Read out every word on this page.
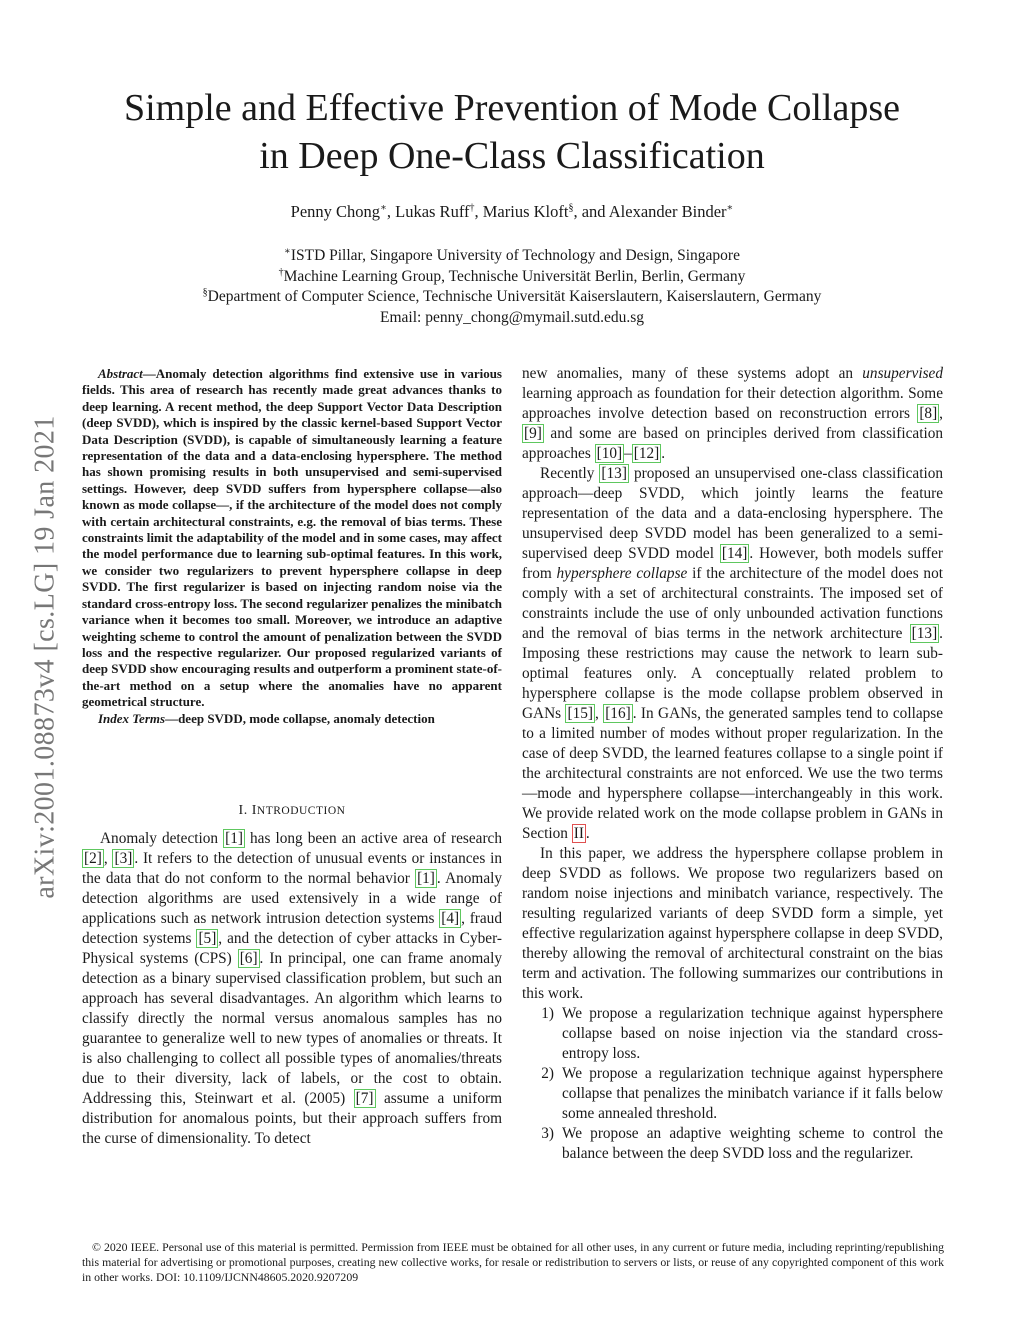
arXiv:2001.08873v4 [cs.LG] 19 Jan 2021
Simple and Effective Prevention of Mode Collapse
in Deep One-Class Classification
Penny Chong∗, Lukas Ruff†, Marius Kloft§, and Alexander Binder∗
∗ISTD Pillar, Singapore University of Technology and Design, Singapore
†Machine Learning Group, Technische Universität Berlin, Berlin, Germany
§Department of Computer Science, Technische Universität Kaiserslautern, Kaiserslautern, Germany
Email: penny_chong@mymail.sutd.edu.sg

Abstract—Anomaly detection algorithms find extensive use in various fields. This area of research has recently made great advances thanks to deep learning. A recent method, the deep Support Vector Data Description (deep SVDD), which is inspired by the classic kernel-based Support Vector Data Description (SVDD), is capable of simultaneously learning a feature representation of the data and a data-enclosing hypersphere. The method has shown promising results in both unsupervised and semi-supervised settings. However, deep SVDD suffers from hypersphere collapse—also known as mode collapse—, if the architecture of the model does not comply with certain architectural constraints, e.g. the removal of bias terms. These constraints limit the adaptability of the model and in some cases, may affect the model performance due to learning sub-optimal features. In this work, we consider two regularizers to prevent hypersphere collapse in deep SVDD. The first regularizer is based on injecting random noise via the standard cross-entropy loss. The second regularizer penalizes the minibatch variance when it becomes too small. Moreover, we introduce an adaptive weighting scheme to control the amount of penalization between the SVDD loss and the respective regularizer. Our proposed regularized variants of deep SVDD show encouraging results and outperform a prominent state-of-the-art method on a setup where the anomalies have no apparent geometrical structure.

Index Terms—deep SVDD, mode collapse, anomaly detection

I. INTRODUCTION

Anomaly detection [1] has long been an active area of research [2] , [3] . It refers to the detection of unusual events or instances in the data that do not conform to the normal behavior [1] . Anomaly detection algorithms are used extensively in a wide range of applications such as network intrusion detection systems [4] , fraud detection systems [5] , and the detection of cyber attacks in Cyber-Physical systems (CPS) [6] . In principal, one can frame anomaly detection as a binary supervised classification problem, but such an approach has several disadvantages. An algorithm which learns to classify directly the normal versus anomalous samples has no guarantee to generalize well to new types of anomalies or threats. It is also challenging to collect all possible types of anomalies/threats due to their diversity, lack of labels, or the cost to obtain. Addressing this, Steinwart et al. (2005) [7] assume a uniform distribution for anomalous points, but their approach suffers from the curse of dimensionality. To detect

new anomalies, many of these systems adopt an unsupervised learning approach as foundation for their detection algorithm. Some approaches involve detection based on reconstruction errors [8] , [9] and some are based on principles derived from classification approaches [10] – [12] .

Recently [13] proposed an unsupervised one-class classification approach—deep SVDD, which jointly learns the feature representation of the data and a data-enclosing hypersphere. The unsupervised deep SVDD model has been generalized to a semi-supervised deep SVDD model [14] . However, both models suffer from hypersphere collapse if the architecture of the model does not comply with a set of architectural constraints. The imposed set of constraints include the use of only unbounded activation functions and the removal of bias terms in the network architecture [13] . Imposing these restrictions may cause the network to learn sub-optimal features only. A conceptually related problem to hypersphere collapse is the mode collapse problem observed in GANs [15] , [16] . In GANs, the generated samples tend to collapse to a limited number of modes without proper regularization. In the case of deep SVDD, the learned features collapse to a single point if the architectural constraints are not enforced. We use the two terms—mode and hypersphere collapse—interchangeably in this work. We provide related work on the mode collapse problem in GANs in Section II .

In this paper, we address the hypersphere collapse problem in deep SVDD as follows. We propose two regularizers based on random noise injections and minibatch variance, respectively. The resulting regularized variants of deep SVDD form a simple, yet effective regularization against hypersphere collapse in deep SVDD, thereby allowing the removal of architectural constraint on the bias term and activation. The following summarizes our contributions in this work.

1) We propose a regularization technique against hypersphere collapse based on noise injection via the standard cross-entropy loss.
2) We propose a regularization technique against hypersphere collapse that penalizes the minibatch variance if it falls below some annealed threshold.
3) We propose an adaptive weighting scheme to control the balance between the deep SVDD loss and the regularizer.

© 2020 IEEE. Personal use of this material is permitted. Permission from IEEE must be obtained for all other uses, in any current or future media, including reprinting/republishing this material for advertising or promotional purposes, creating new collective works, for resale or redistribution to servers or lists, or reuse of any copyrighted component of this work in other works. DOI: 10.1109/IJCNN48605.2020.9207209
